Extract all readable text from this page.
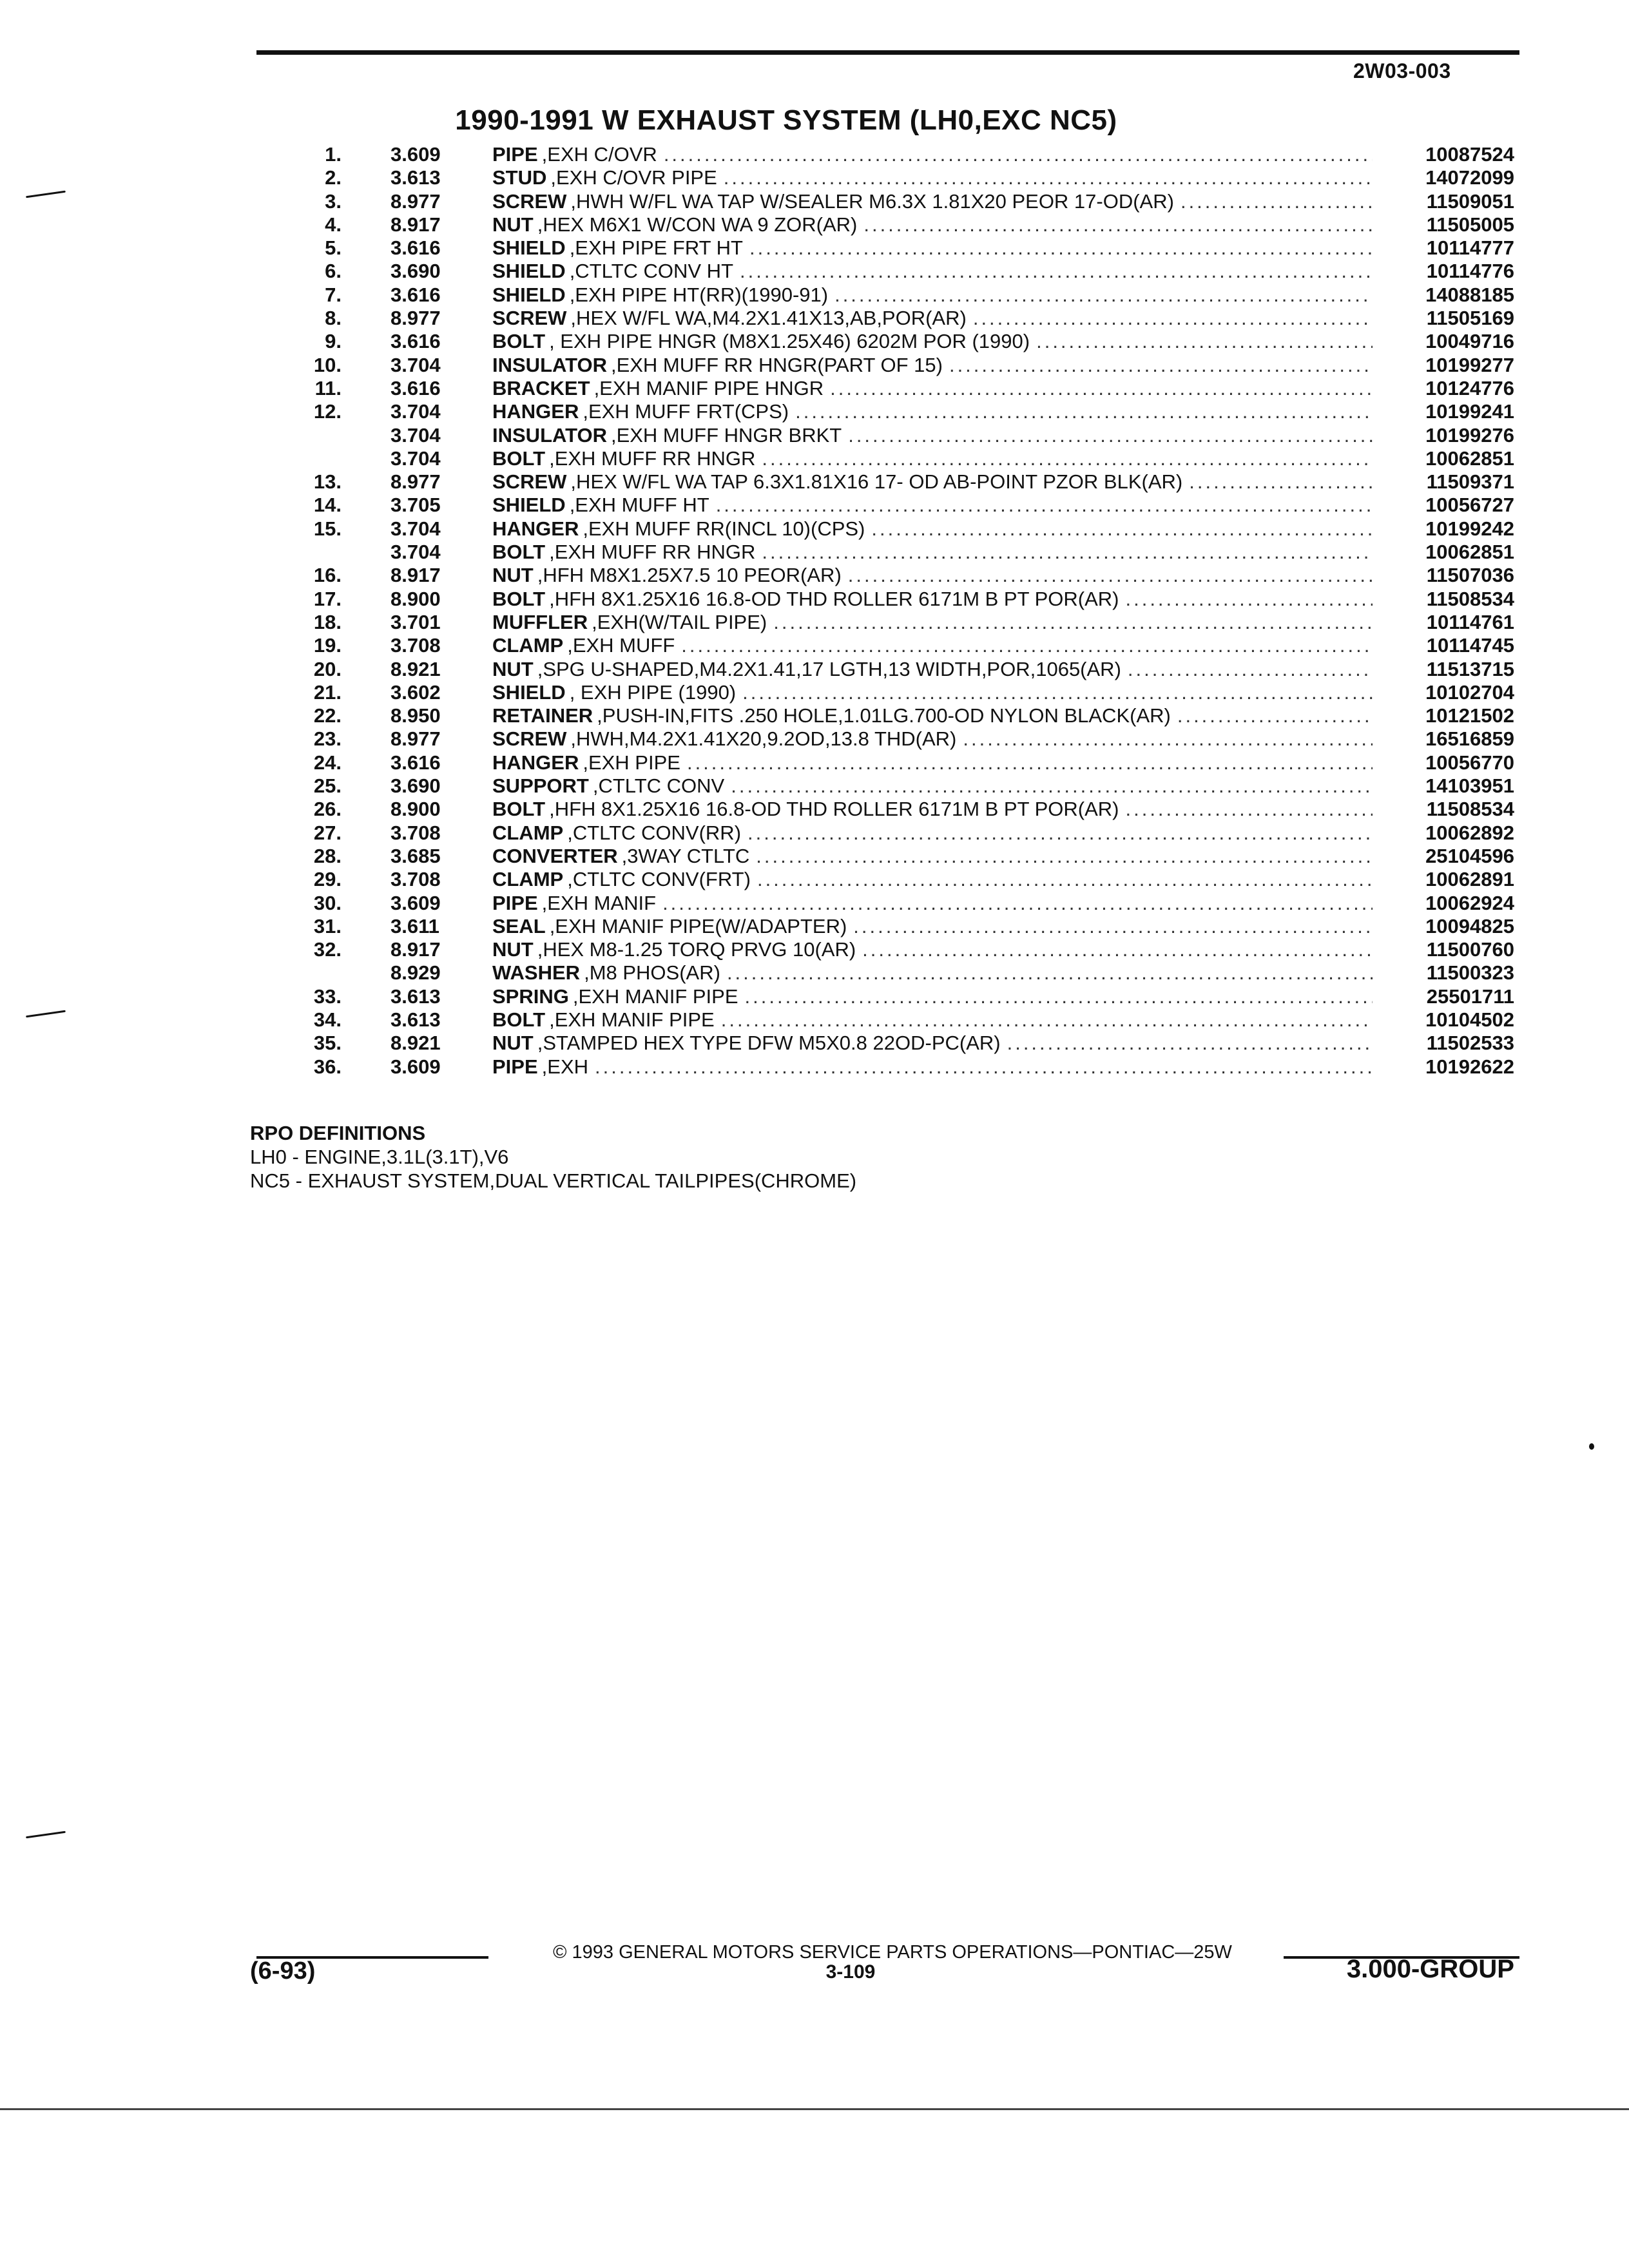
2W03-003
1990-1991 W EXHAUST SYSTEM (LH0,EXC NC5)
1. 3.609	PIPE ,EXH C/OVR .....	10087524
2. 3.613	STUD ,EXH C/OVR PIPE .....	14072099
3. 8.977	SCREW ,HWH W/FL WA TAP W/SEALER M6.3X 1.81X20 PEOR 17-OD(AR) .....	11509051
4. 8.917	NUT ,HEX M6X1 W/CON WA 9 ZOR(AR) .....	11505005
5. 3.616	SHIELD ,EXH PIPE FRT HT .....	10114777
6. 3.690	SHIELD ,CTLTC CONV HT .....	10114776
7. 3.616	SHIELD ,EXH PIPE HT(RR)(1990-91) .....	14088185
8. 8.977	SCREW ,HEX W/FL WA,M4.2X1.41X13,AB,POR(AR) .....	11505169
9. 3.616	BOLT , EXH PIPE HNGR (M8X1.25X46) 6202M POR (1990) .....	10049716
10. 3.704	INSULATOR ,EXH MUFF RR HNGR(PART OF 15) .....	10199277
11. 3.616	BRACKET ,EXH MANIF PIPE HNGR .....	10124776
12. 3.704	HANGER ,EXH MUFF FRT(CPS) .....	10199241
3.704	INSULATOR ,EXH MUFF HNGR BRKT .....	10199276
3.704	BOLT ,EXH MUFF RR HNGR .....	10062851
13. 8.977	SCREW ,HEX W/FL WA TAP 6.3X1.81X16 17- OD AB-POINT PZOR BLK(AR) .....	11509371
14. 3.705	SHIELD ,EXH MUFF HT .....	10056727
15. 3.704	HANGER ,EXH MUFF RR(INCL 10)(CPS) .....	10199242
3.704	BOLT ,EXH MUFF RR HNGR .....	10062851
16. 8.917	NUT ,HFH M8X1.25X7.5 10 PEOR(AR) .....	11507036
17. 8.900	BOLT ,HFH 8X1.25X16 16.8-OD THD ROLLER 6171M B PT POR(AR) .....	11508534
18. 3.701	MUFFLER ,EXH(W/TAIL PIPE) .....	10114761
19. 3.708	CLAMP ,EXH MUFF .....	10114745
20. 8.921	NUT ,SPG U-SHAPED,M4.2X1.41,17 LGTH,13 WIDTH,POR,1065(AR) .....	11513715
21. 3.602	SHIELD , EXH PIPE (1990) .....	10102704
22. 8.950	RETAINER ,PUSH-IN,FITS .250 HOLE,1.01LG.700-OD NYLON BLACK(AR) .....	10121502
23. 8.977	SCREW ,HWH,M4.2X1.41X20,9.2OD,13.8 THD(AR) .....	16516859
24. 3.616	HANGER ,EXH PIPE .....	10056770
25. 3.690	SUPPORT ,CTLTC CONV .....	14103951
26. 8.900	BOLT ,HFH 8X1.25X16 16.8-OD THD ROLLER 6171M B PT POR(AR) .....	11508534
27. 3.708	CLAMP ,CTLTC CONV(RR) .....	10062892
28. 3.685	CONVERTER ,3WAY CTLTC .....	25104596
29. 3.708	CLAMP ,CTLTC CONV(FRT) .....	10062891
30. 3.609	PIPE ,EXH MANIF .....	10062924
31. 3.611	SEAL ,EXH MANIF PIPE(W/ADAPTER) .....	10094825
32. 8.917	NUT ,HEX M8-1.25 TORQ PRVG 10(AR) .....	11500760
8.929	WASHER ,M8 PHOS(AR) .....	11500323
33. 3.613	SPRING ,EXH MANIF PIPE .....	25501711
34. 3.613	BOLT ,EXH MANIF PIPE .....	10104502
35. 8.921	NUT ,STAMPED HEX TYPE DFW M5X0.8 22OD-PC(AR) .....	11502533
36. 3.609	PIPE ,EXH .....	10192622
RPO DEFINITIONS
LH0 - ENGINE,3.1L(3.1T),V6
NC5 - EXHAUST SYSTEM,DUAL VERTICAL TAILPIPES(CHROME)
© 1993 GENERAL MOTORS SERVICE PARTS OPERATIONS—PONTIAC—25W
(6-93)	3-109	3.000-GROUP
